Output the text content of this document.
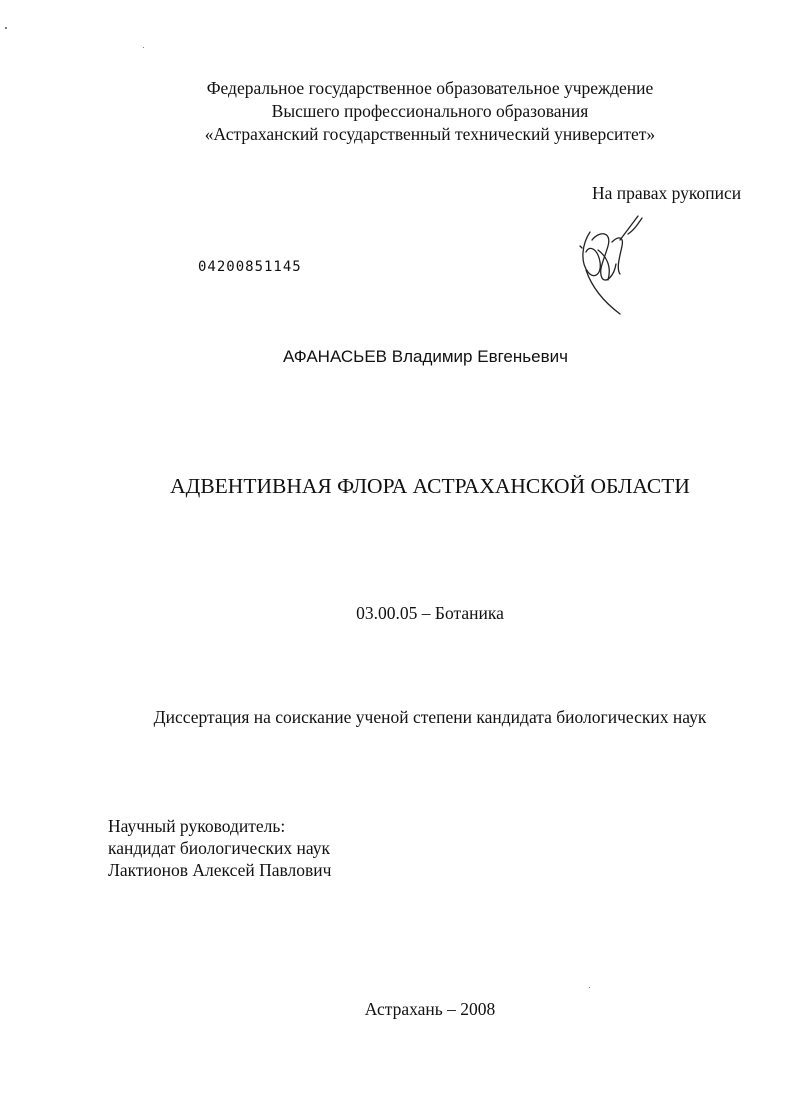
Федеральное государственное образовательное учреждение
Высшего профессионального образования
«Астраханский государственный технический университет»
На правах рукописи
04200851145
АФАНАСЬЕВ Владимир Евгеньевич
АДВЕНТИВНАЯ ФЛОРА АСТРАХАНСКОЙ ОБЛАСТИ
03.00.05 – Ботаника
Диссертация на соискание ученой степени кандидата биологических наук
Научный руководитель:
кандидат биологических наук
Лактионов Алексей Павлович
Астрахань – 2008
